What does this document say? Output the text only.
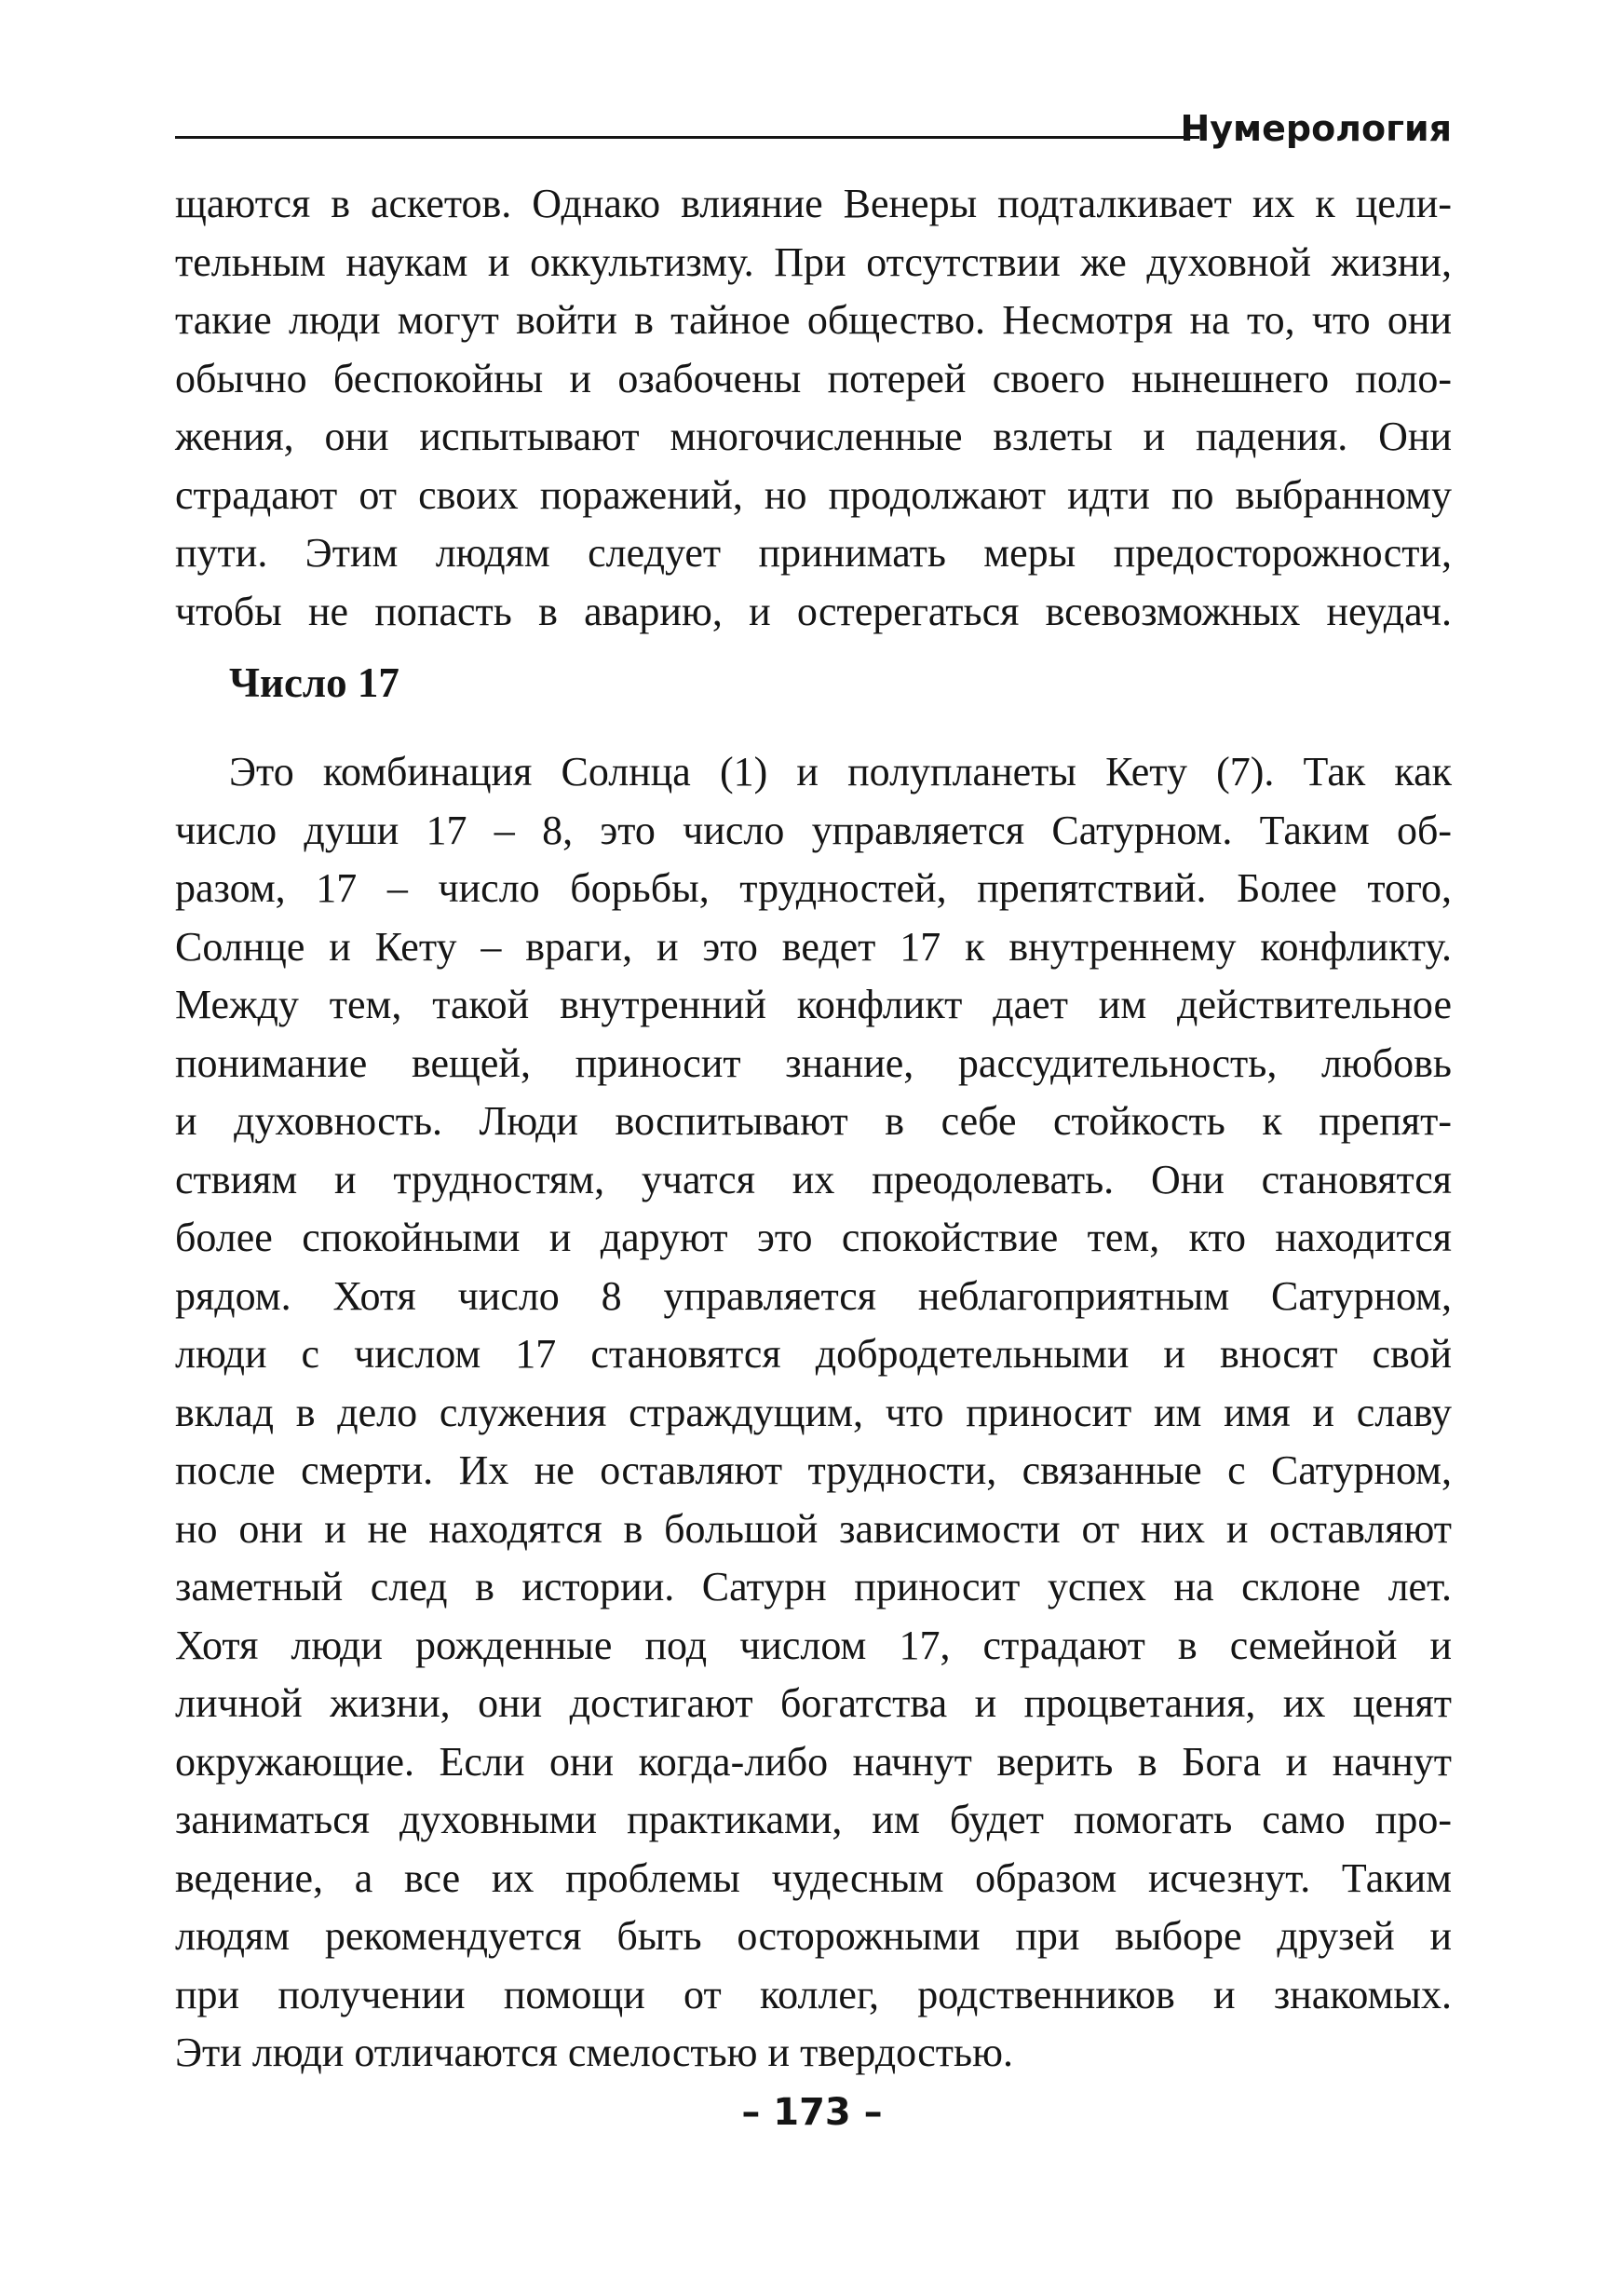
Нумерология
щаются в аскетов. Однако влияние Венеры подталкивает их к цели-
тельным наукам и оккультизму. При отсутствии же духовной жизни,
такие люди могут войти в тайное общество. Несмотря на то, что они
обычно беспокойны и озабочены потерей своего нынешнего поло-
жения, они испытывают многочисленные взлеты и падения. Они
страдают от своих поражений, но продолжают идти по выбранному
пути. Этим людям следует принимать меры предосторожности,
чтобы не попасть в аварию, и остерегаться всевозможных неудач.
Число 17
Это комбинация Солнца (1) и полупланеты Кету (7). Так как
число души 17 – 8, это число управляется Сатурном. Таким об-
разом, 17 – число борьбы, трудностей, препятствий. Более того,
Солнце и Кету – враги, и это ведет 17 к внутреннему конфликту.
Между тем, такой внутренний конфликт дает им действительное
понимание вещей, приносит знание, рассудительность, любовь
и духовность. Люди воспитывают в себе стойкость к препят-
ствиям и трудностям, учатся их преодолевать. Они становятся
более спокойными и даруют это спокойствие тем, кто находится
рядом. Хотя число 8 управляется неблагоприятным Сатурном,
люди с числом 17 становятся добродетельными и вносят свой
вклад в дело служения страждущим, что приносит им имя и славу
после смерти. Их не оставляют трудности, связанные с Сатурном,
но они и не находятся в большой зависимости от них и оставляют
заметный след в истории. Сатурн приносит успех на склоне лет.
Хотя люди рожденные под числом 17, страдают в семейной и
личной жизни, они достигают богатства и процветания, их ценят
окружающие. Если они когда-либо начнут верить в Бога и начнут
заниматься духовными практиками, им будет помогать само про-
ведение, а все их проблемы чудесным образом исчезнут. Таким
людям рекомендуется быть осторожными при выборе друзей и
при получении помощи от коллег, родственников и знакомых.
Эти люди отличаются смелостью и твердостью.
– 173 –
